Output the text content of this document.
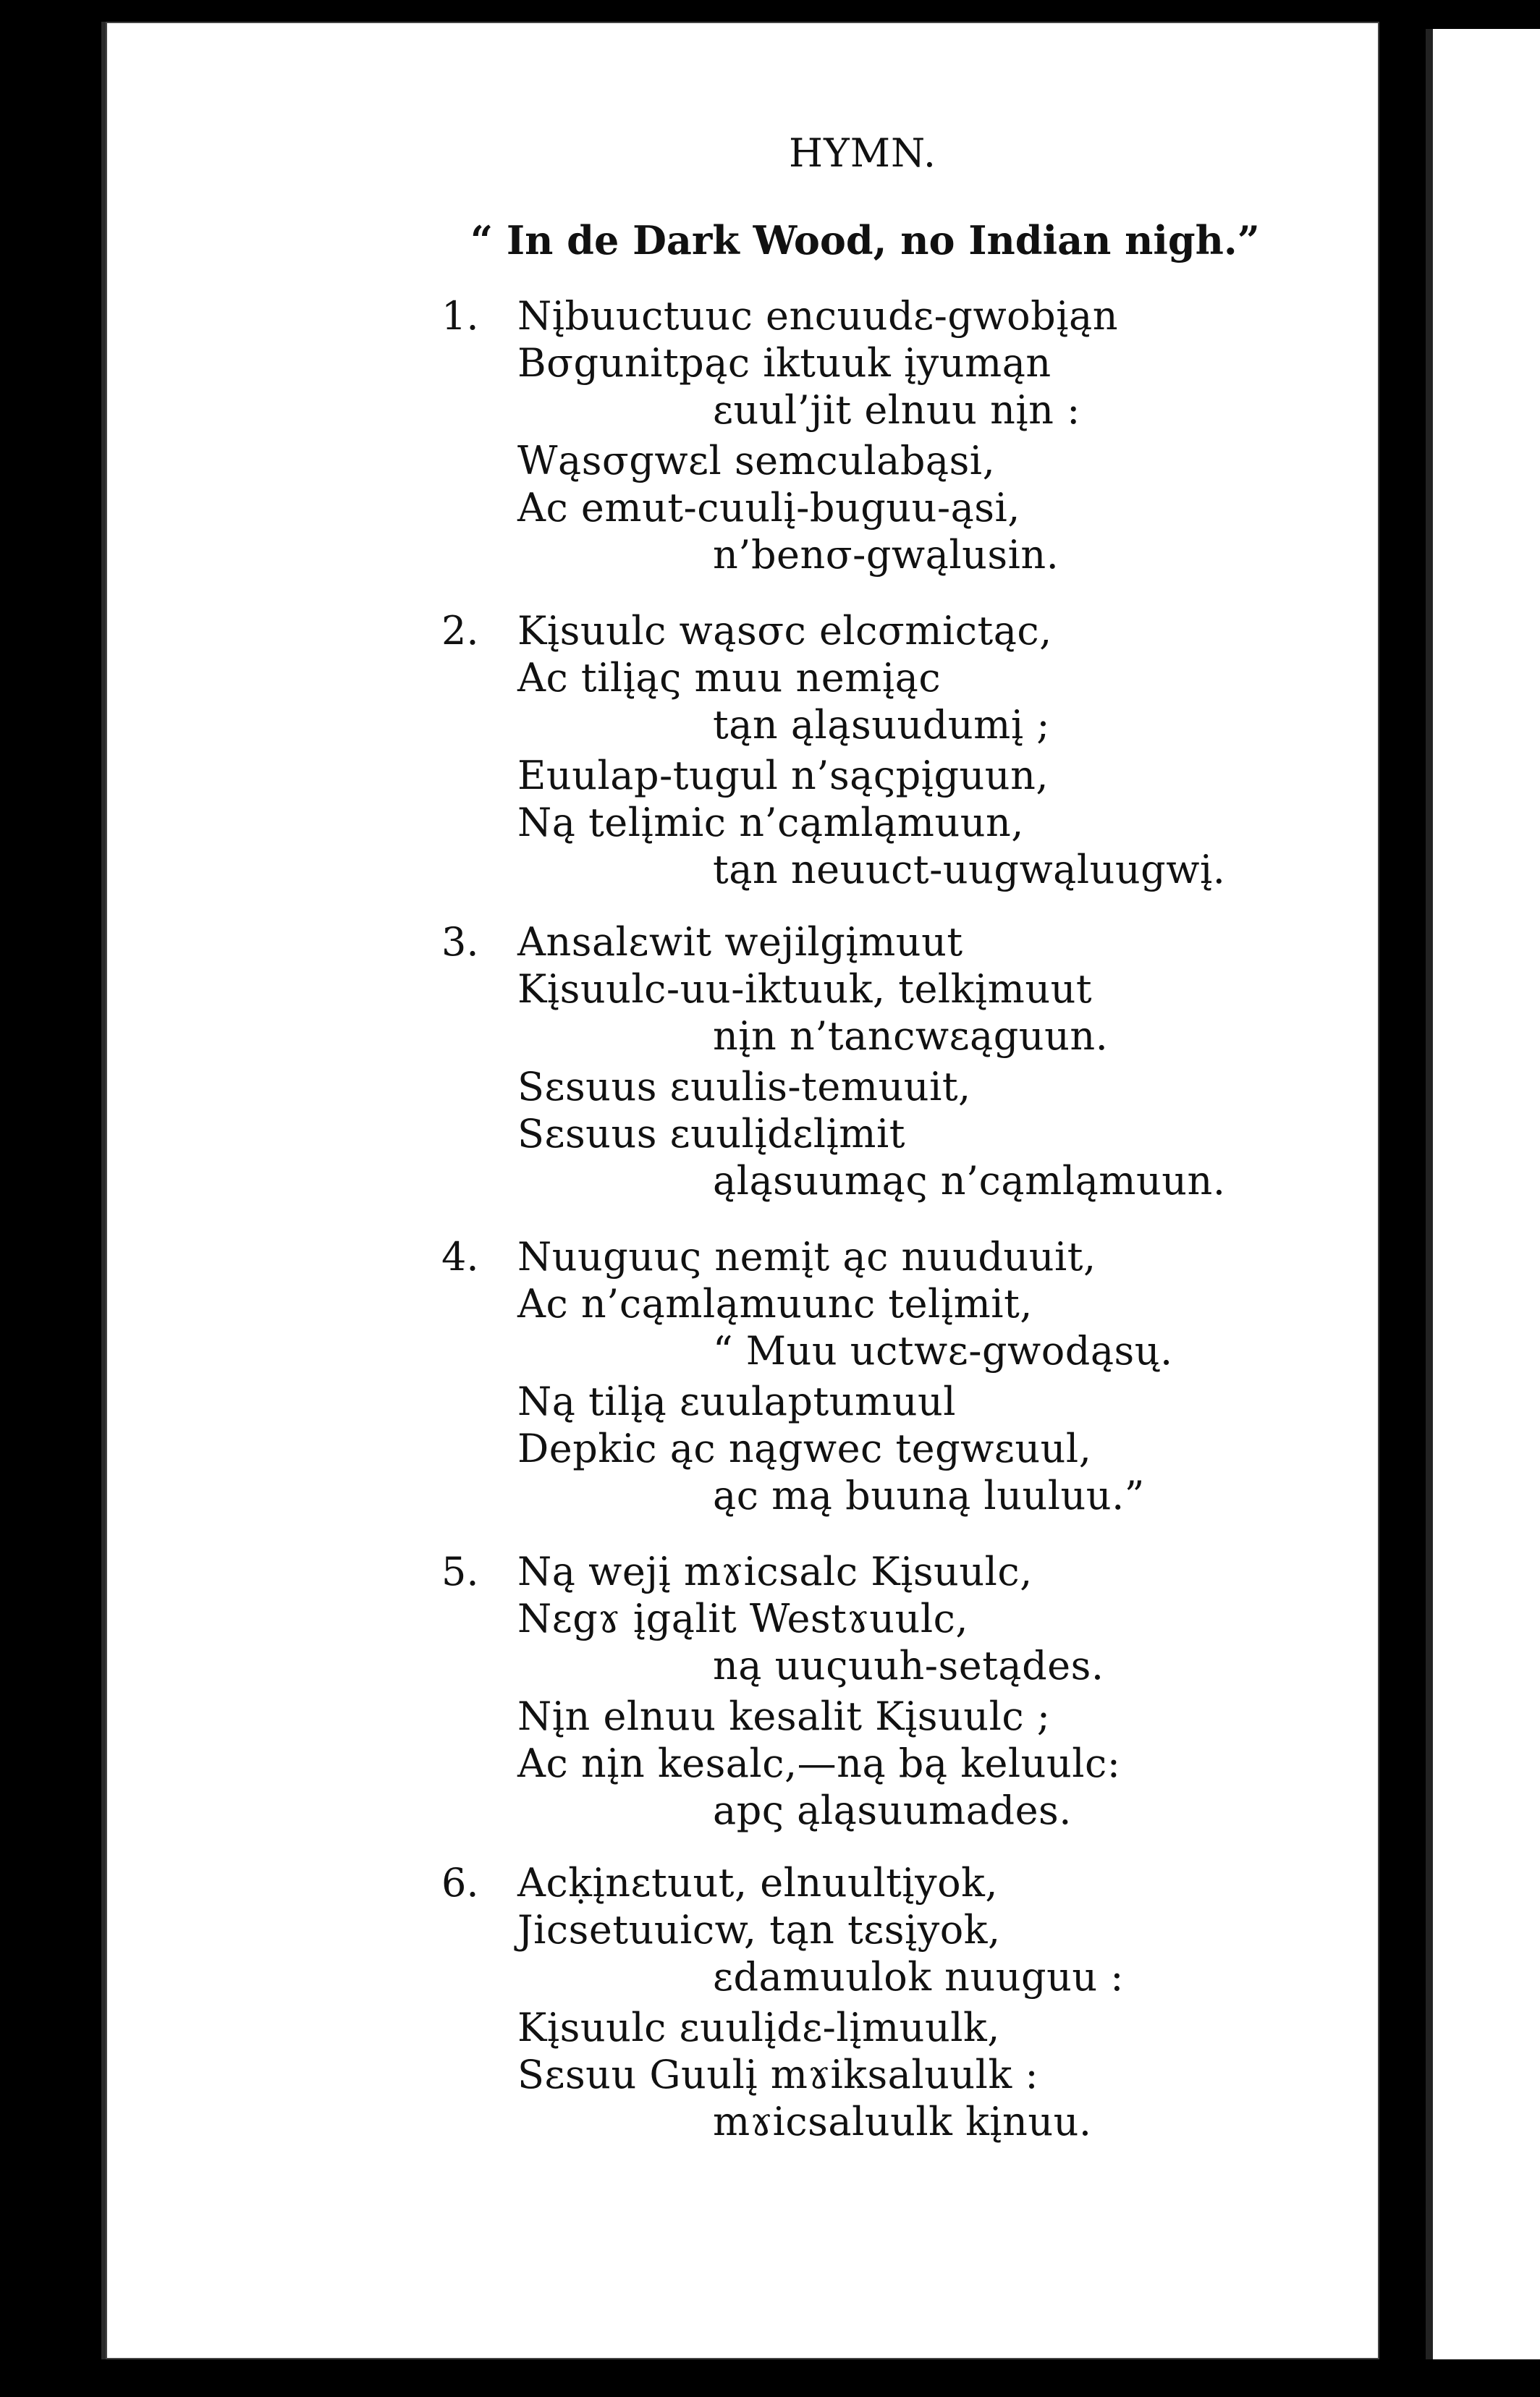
HYMN.
“ In de Dark Wood, no Indian nigh.”
1. Nįbuuctuuc encuudɛ-gwobįąn
Bσgunitpąc iktuuk įyumąn
ɛuul’jit elnuu nįn :
Wąsσgwɛl semculabąsi,
Ac emut-cuulį-buguu-ąsi,
n’benσ-gwąlusin.
2. Kįsuulc wąsσc elcσmictąc,
Ac tilįąς muu nemįąc
tąn ąląsuudumį ;
Euulap-tugul n’sąςpįguun,
Ną telįmic n’cąmląmuun,
tąn neuuct-uugwąluugwį.
3. Ansalɛwit wejilgįmuut
Kįsuulc-uu-iktuuk, telkįmuut
nįn n’tancwɛąguun.
Sɛsuus ɛuulis-temuuit,
Sɛsuus ɛuulįdɛlįmit
ąląsuumąς n’cąmląmuun.
4. Nuuguuς nemįt ąc nuuduuit,
Ac n’cąmląmuunc telįmit,
“ Muu uctwɛ-gwodąsų.
Ną tilįą ɛuulaptumuul
Depkic ąc nągwec tegwɛuul,
ąc mą buuną luuluu.”
5. Ną wejį mɤicsalc Kįsuulc,
Nɛgɤ įgąlit Westɤuulc,
ną uuςuuh-setądes.
Nįn elnuu kesalit Kįsuulc ;
Ac nįn kesalc,—ną bą keluulc:
apς ąląsuumades.
6. Acḳįnɛtuut, elnuultįyok,
Jicsetuuicw, tąn tɛsįyok,
ɛdamuulok nuuguu :
Kįsuulc ɛuulįdɛ-lįmuulk,
Sɛsuu Guulį mɤiksaluulk :
mɤicsaluulk kįnuu.
